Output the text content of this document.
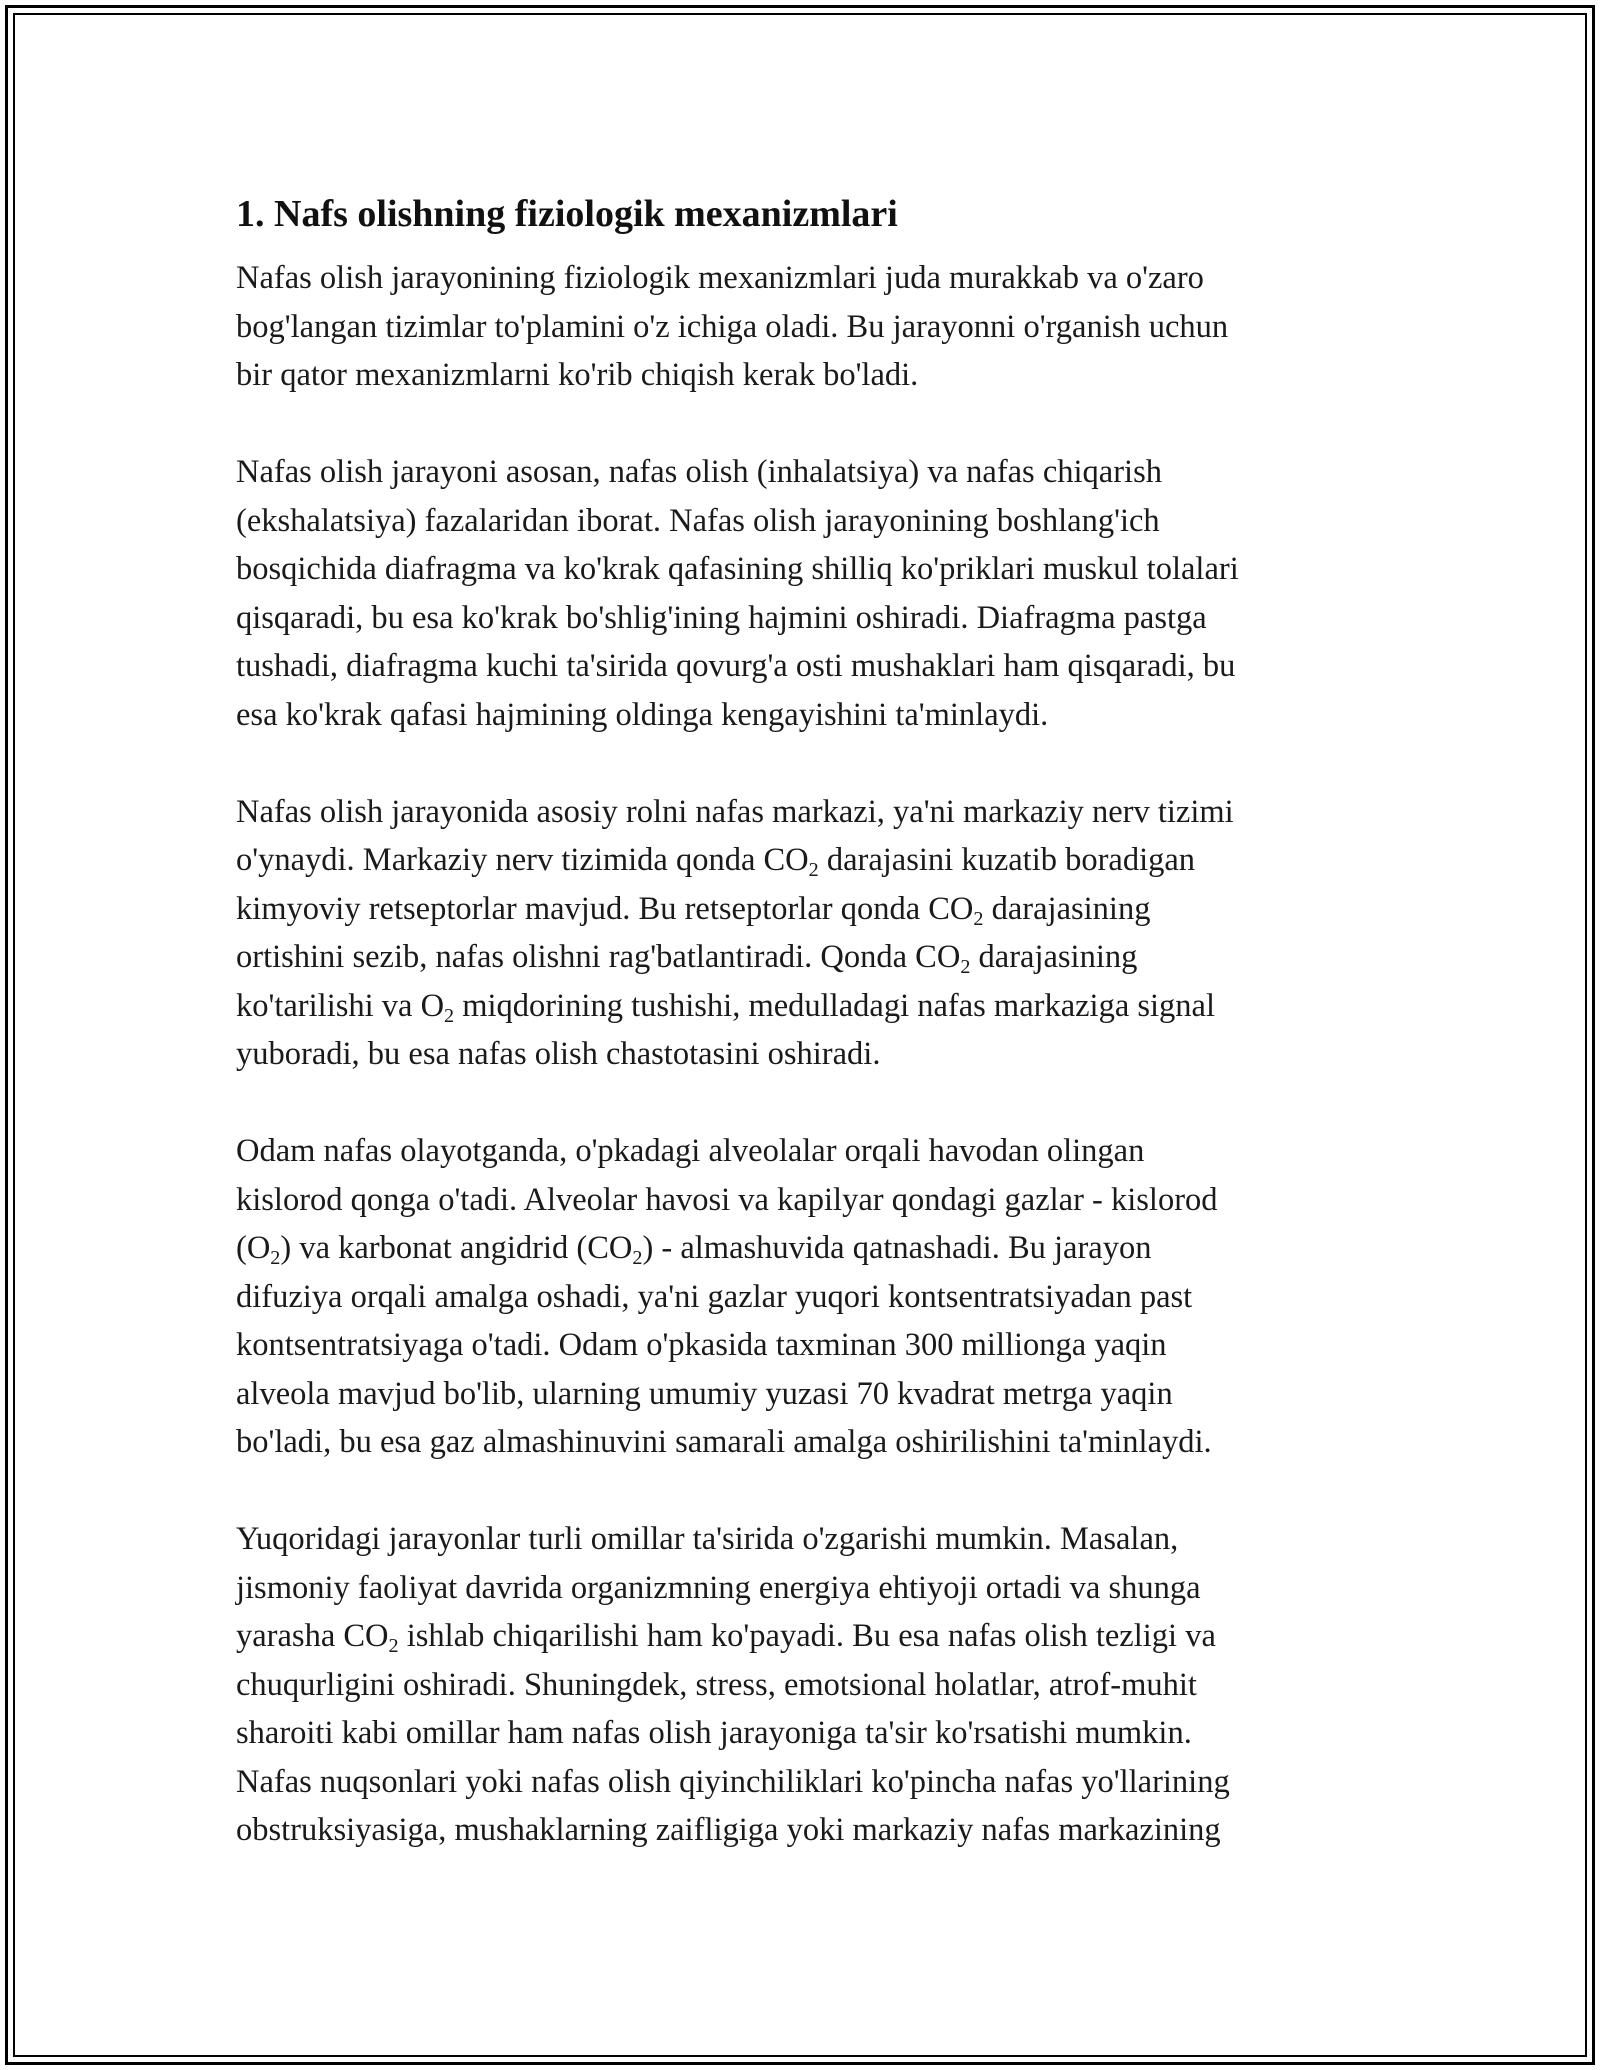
1. Nafs olishning fiziologik mexanizmlari
Nafas olish jarayonining fiziologik mexanizmlari juda murakkab va o'zaro
bog'langan tizimlar to'plamini o'z ichiga oladi. Bu jarayonni o'rganish uchun
bir qator mexanizmlarni ko'rib chiqish kerak bo'ladi.
Nafas olish jarayoni asosan, nafas olish (inhalatsiya) va nafas chiqarish
(ekshalatsiya) fazalaridan iborat. Nafas olish jarayonining boshlang'ich
bosqichida diafragma va ko'krak qafasining shilliq ko'priklari muskul tolalari
qisqaradi, bu esa ko'krak bo'shlig'ining hajmini oshiradi. Diafragma pastga
tushadi, diafragma kuchi ta'sirida qovurg'a osti mushaklari ham qisqaradi, bu
esa ko'krak qafasi hajmining oldinga kengayishini ta'minlaydi.
Nafas olish jarayonida asosiy rolni nafas markazi, ya'ni markaziy nerv tizimi
o'ynaydi. Markaziy nerv tizimida qonda $CO_2$ darajasini kuzatib boradigan
kimyoviy retseptorlar mavjud. Bu retseptorlar qonda $CO_2$ darajasining
ortishini sezib, nafas olishni rag'batlantiradi. Qonda $CO_2$ darajasining
ko'tarilishi va $O_2$ miqdorining tushishi, medulladagi nafas markaziga signal
yuboradi, bu esa nafas olish chastotasini oshiradi.
Odam nafas olayotganda, o'pkadagi alveolalar orqali havodan olingan
kislorod qonga o'tadi. Alveolar havosi va kapilyar qondagi gazlar - kislorod
$(O_2)$ va karbonat angidrid $(CO_2)$ - almashuvida qatnashadi. Bu jarayon
difuziya orqali amalga oshadi, ya'ni gazlar yuqori kontsentratsiyadan past
kontsentratsiyaga o'tadi. Odam o'pkasida taxminan 300 millionga yaqin
alveola mavjud bo'lib, ularning umumiy yuzasi 70 kvadrat metrga yaqin
bo'ladi, bu esa gaz almashinuvini samarali amalga oshirilishini ta'minlaydi.
Yuqoridagi jarayonlar turli omillar ta'sirida o'zgarishi mumkin. Masalan,
jismoniy faoliyat davrida organizmning energiya ehtiyoji ortadi va shunga
yarasha $CO_2$ ishlab chiqarilishi ham ko'payadi. Bu esa nafas olish tezligi va
chuqurligini oshiradi. Shuningdek, stress, emotsional holatlar, atrof-muhit
sharoiti kabi omillar ham nafas olish jarayoniga ta'sir ko'rsatishi mumkin.
Nafas nuqsonlari yoki nafas olish qiyinchiliklari ko'pincha nafas yo'llarining
obstruksiyasiga, mushaklarning zaifligiga yoki markaziy nafas markazining
